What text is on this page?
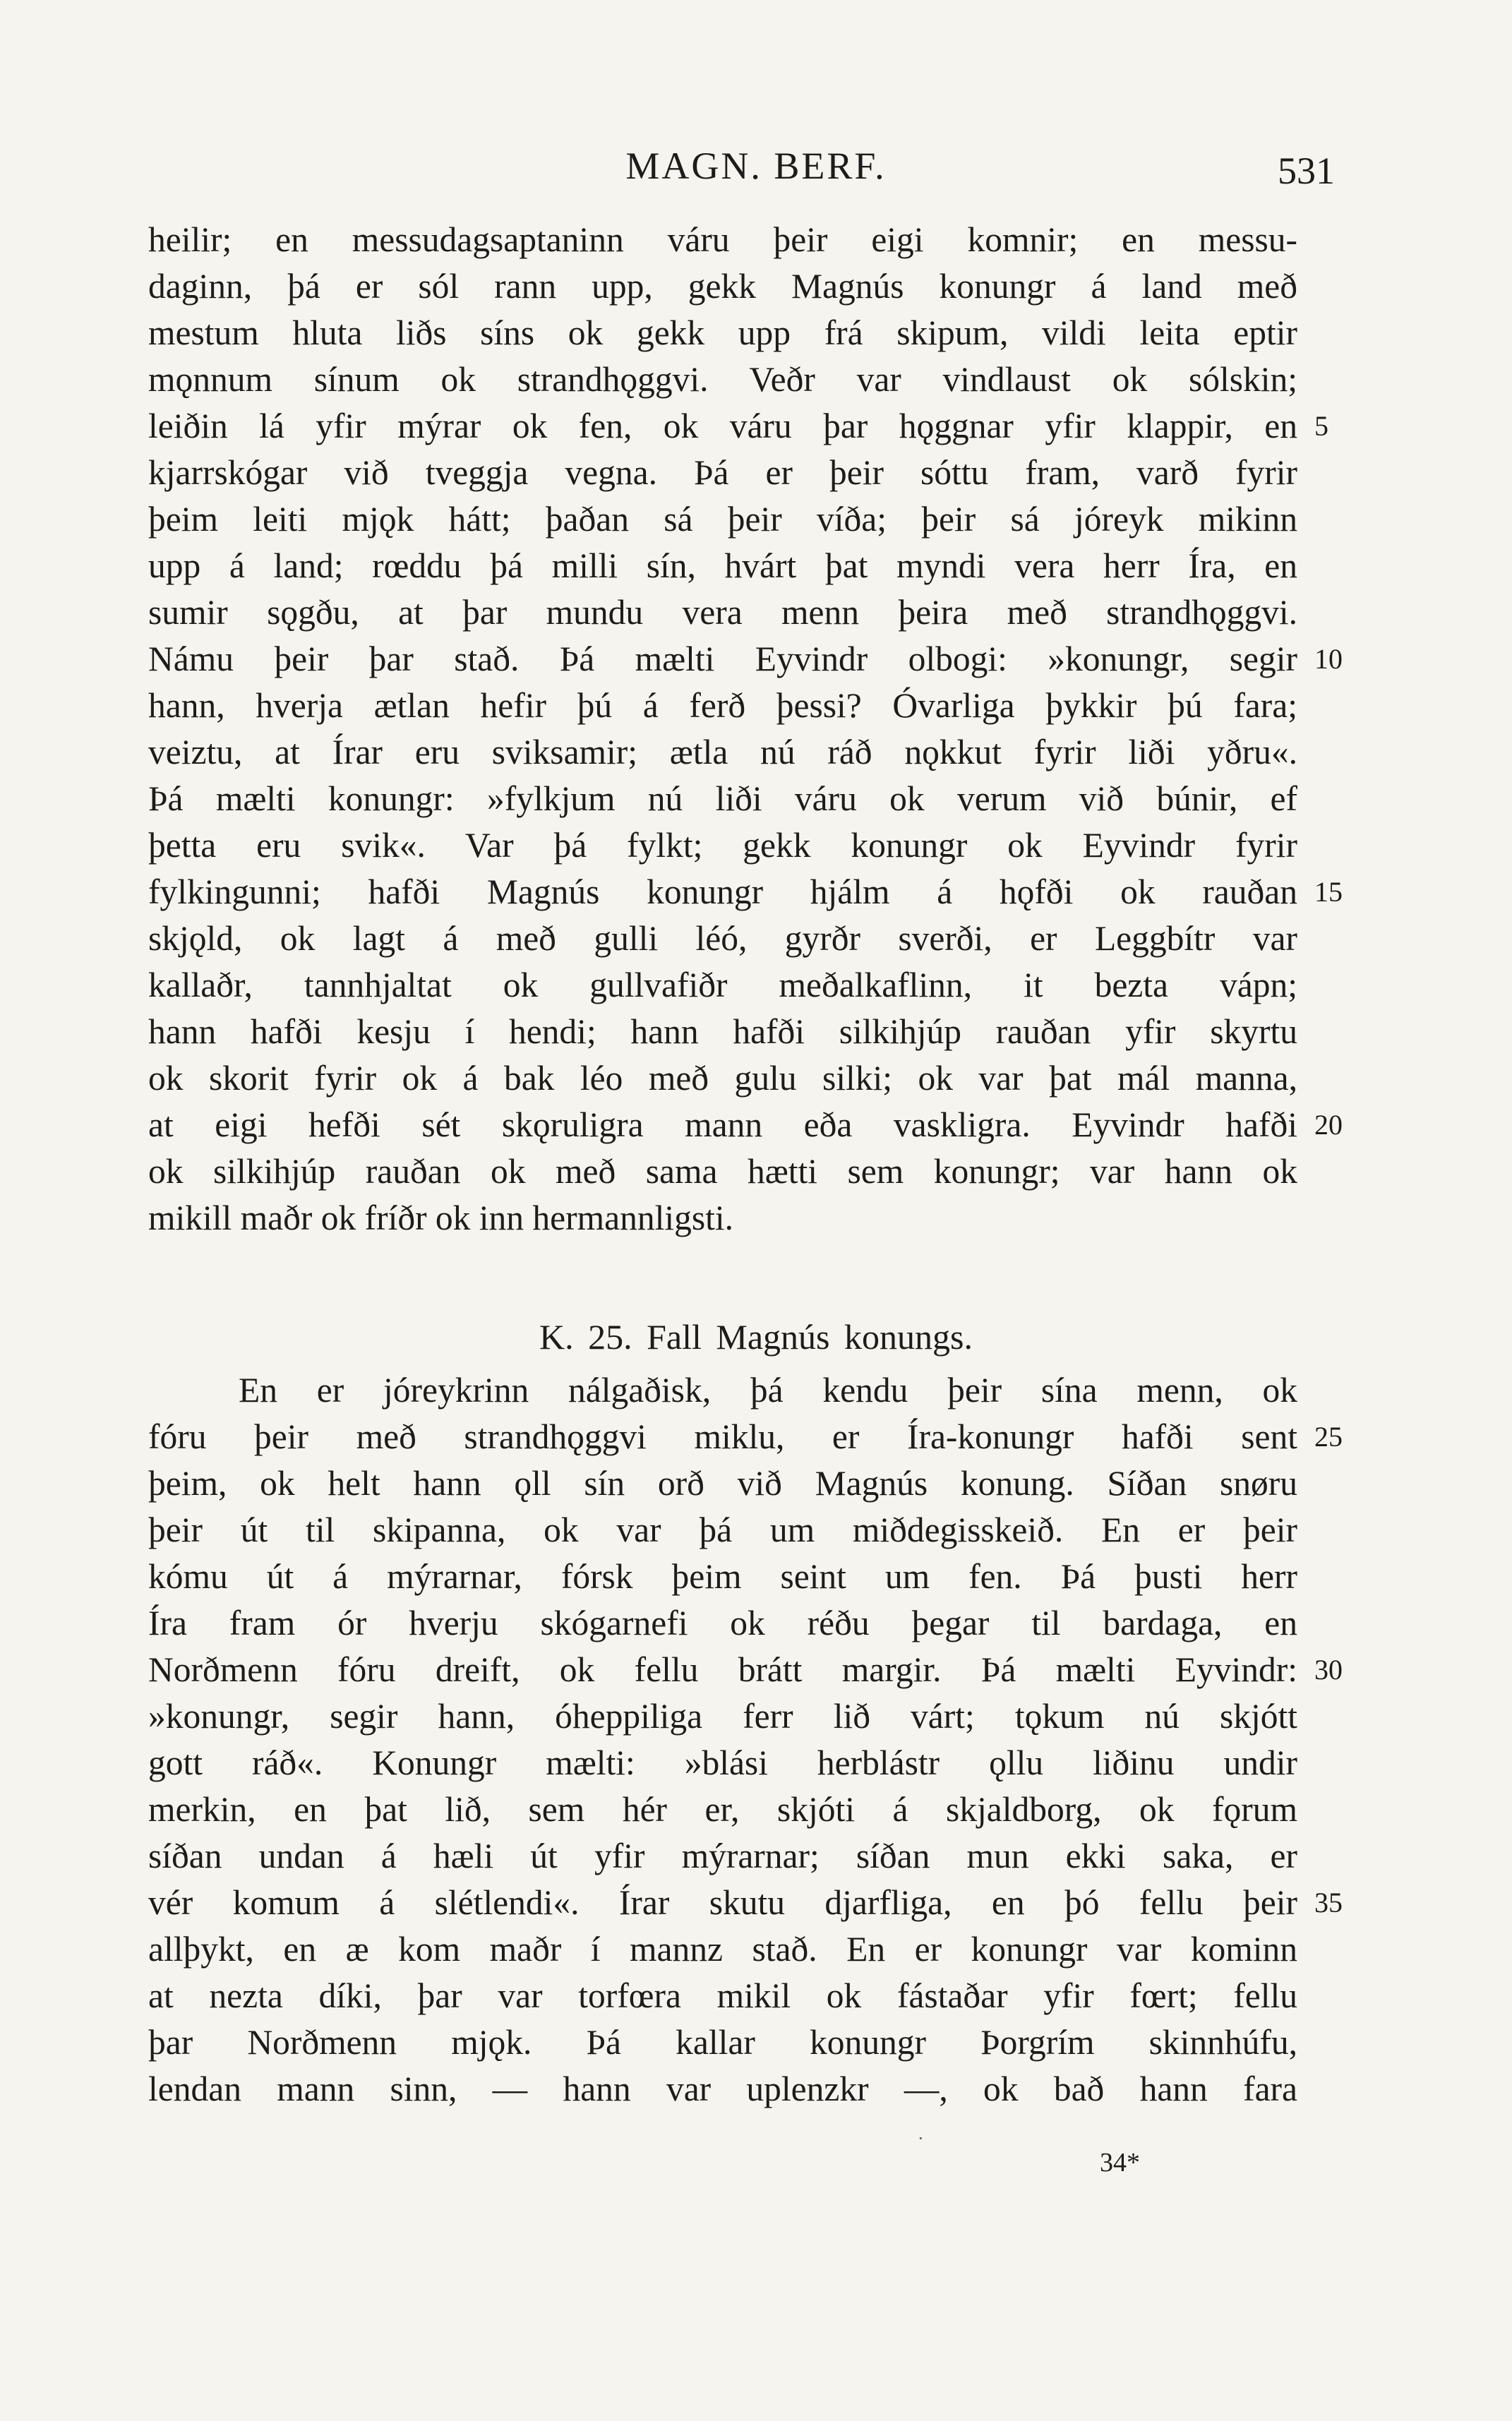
MAGN. BERF.	531
heilir; en messudagsaptaninn váru þeir eigi komnir; en messu-
daginn, þá er sól rann upp, gekk Magnús konungr á land með
mestum hluta liðs síns ok gekk upp frá skipum, vildi leita eptir
mǫnnum sínum ok strandhǫggvi. Veðr var vindlaust ok sólskin;
leiðin lá yfir mýrar ok fen, ok váru þar hǫggnar yfir klappir, en
kjarrskógar við tveggja vegna. Þá er þeir sóttu fram, varð fyrir
þeim leiti mjǫk hátt; þaðan sá þeir víða; þeir sá jóreyk mikinn
upp á land; rœddu þá milli sín, hvárt þat myndi vera herr Íra, en
sumir sǫgðu, at þar mundu vera menn þeira með strandhǫggvi.
Námu þeir þar stað. Þá mælti Eyvindr olbogi: »konungr, segir
hann, hverja ætlan hefir þú á ferð þessi? Óvarliga þykkir þú fara;
veiztu, at Írar eru sviksamir; ætla nú ráð nǫkkut fyrir liði yðru«.
Þá mælti konungr: »fylkjum nú liði váru ok verum við búnir, ef
þetta eru svik«. Var þá fylkt; gekk konungr ok Eyvindr fyrir
fylkingunni; hafði Magnús konungr hjálm á hǫfði ok rauðan
skjǫld, ok lagt á með gulli léó, gyrðr sverði, er Leggbítr var
kallaðr, tannhjaltat ok gullvafiðr meðalkaflinn, it bezta vápn;
hann hafði kesju í hendi; hann hafði silkihjúp rauðan yfir skyrtu
ok skorit fyrir ok á bak léo með gulu silki; ok var þat mál manna,
at eigi hefði sét skǫruligra mann eða vaskligra. Eyvindr hafði
ok silkihjúp rauðan ok með sama hætti sem konungr; var hann ok
mikill maðr ok fríðr ok inn hermannligsti.
K. 25. Fall Magnús konungs.
En er jóreykrinn nálgaðisk, þá kendu þeir sína menn, ok
fóru þeir með strandhǫggvi miklu, er Íra-konungr hafði sent
þeim, ok helt hann ǫll sín orð við Magnús konung. Síðan snøru
þeir út til skipanna, ok var þá um miðdegisskeið. En er þeir
kómu út á mýrarnar, fórsk þeim seint um fen. Þá þusti herr
Íra fram ór hverju skógarnefi ok réðu þegar til bardaga, en
Norðmenn fóru dreift, ok fellu brátt margir. Þá mælti Eyvindr:
»konungr, segir hann, óheppiliga ferr lið várt; tǫkum nú skjótt
gott ráð«. Konungr mælti: »blási herblástr ǫllu liðinu undir
merkin, en þat lið, sem hér er, skjóti á skjaldborg, ok fǫrum
síðan undan á hæli út yfir mýrarnar; síðan mun ekki saka, er
vér komum á slétlendi«. Írar skutu djarfliga, en þó fellu þeir
allþykt, en æ kom maðr í mannz stað. En er konungr var kominn
at nezta díki, þar var torfœra mikil ok fástaðar yfir fœrt; fellu
þar Norðmenn mjǫk. Þá kallar konungr Þorgrím skinnhúfu,
lendan mann sinn, — hann var uplenzkr —, ok bað hann fara
5
10
15
20
25
30
35
·
34*
